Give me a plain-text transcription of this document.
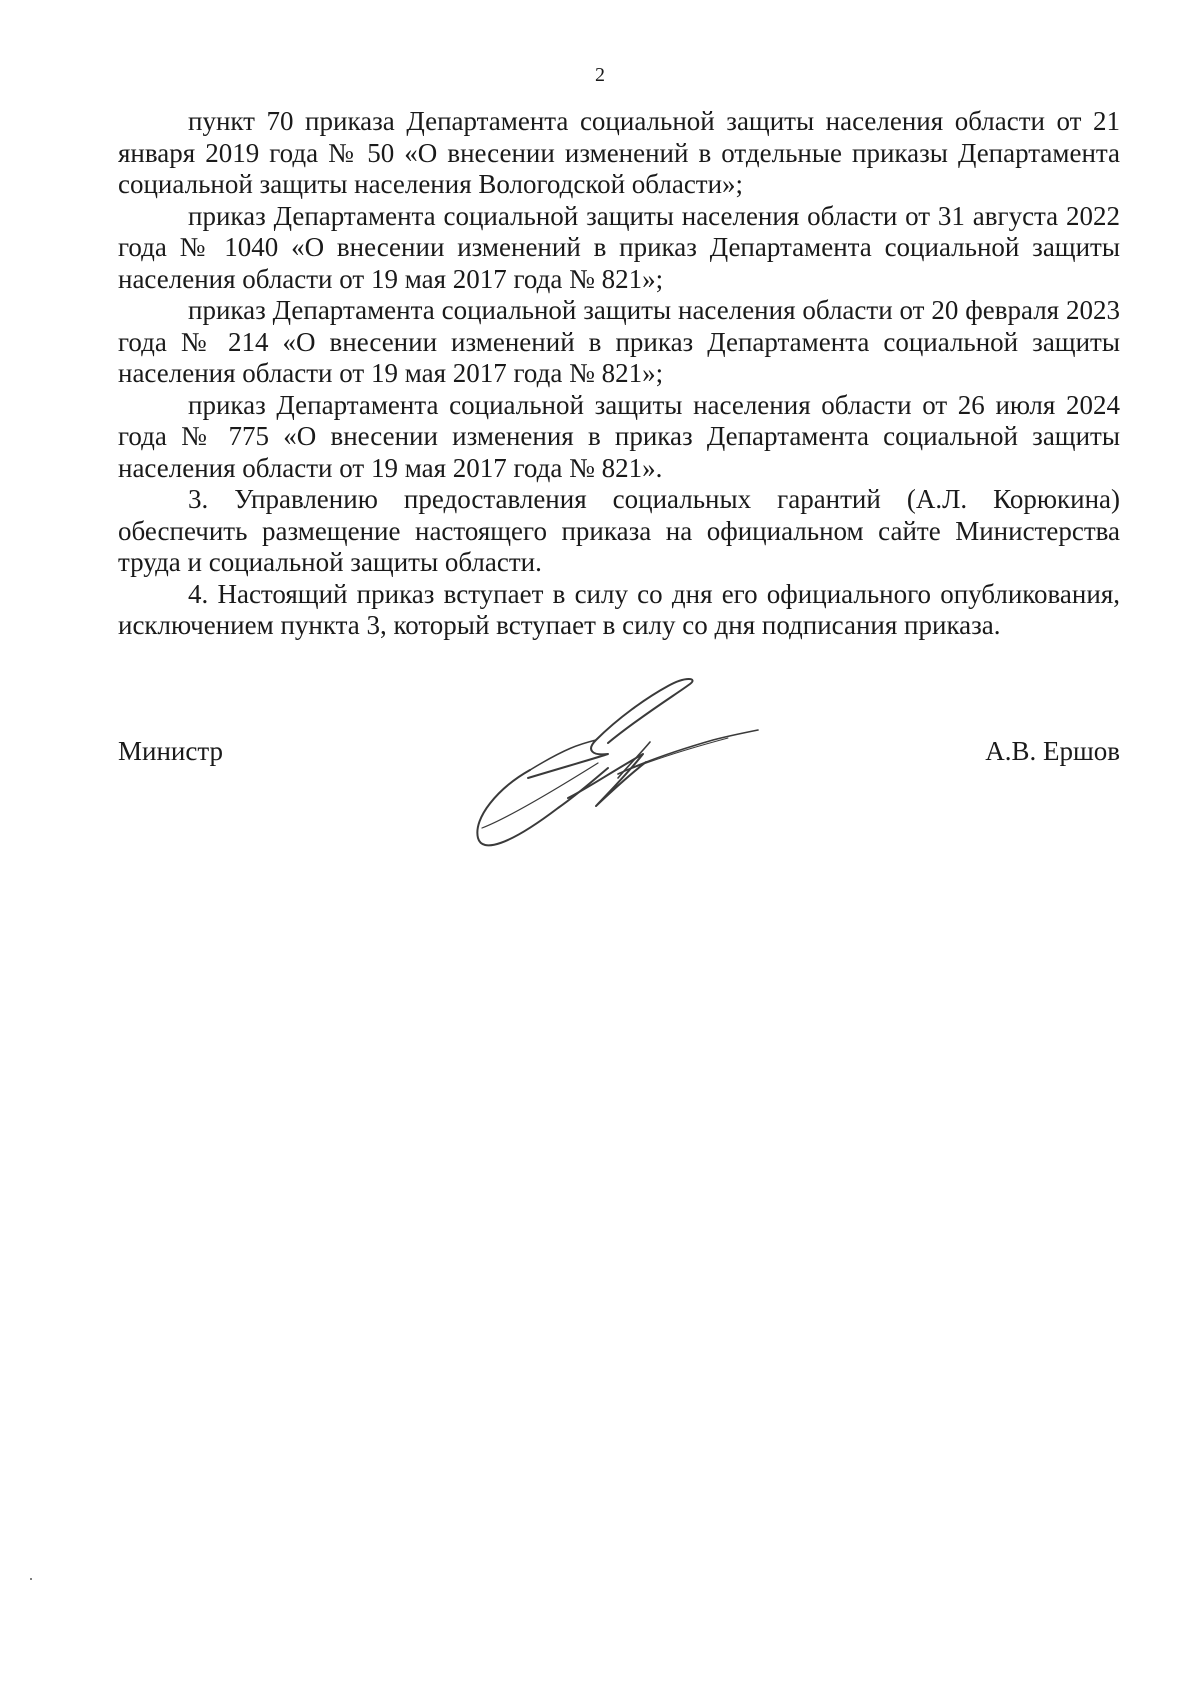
2

пункт 70 приказа Департамента социальной защиты населения области от 21 января 2019 года № 50 «О внесении изменений в отдельные приказы Департамента социальной защиты населения Вологодской области»;

приказ Департамента социальной защиты населения области от 31 августа 2022 года № 1040 «О внесении изменений в приказ Департамента социальной защиты населения области от 19 мая 2017 года № 821»;

приказ Департамента социальной защиты населения области от 20 февраля 2023 года № 214 «О внесении изменений в приказ Департамента социальной защиты населения области от 19 мая 2017 года № 821»;

приказ Департамента социальной защиты населения области от 26 июля 2024 года № 775 «О внесении изменения в приказ Департамента социальной защиты населения области от 19 мая 2017 года № 821».

3. Управлению предоставления социальных гарантий (А.Л. Корюкина) обеспечить размещение настоящего приказа на официальном сайте Министерства труда и социальной защиты области.

4. Настоящий приказ вступает в силу со дня его официального опубликования, исключением пункта 3, который вступает в силу со дня подписания приказа.

Министр	А.В. Ершов
